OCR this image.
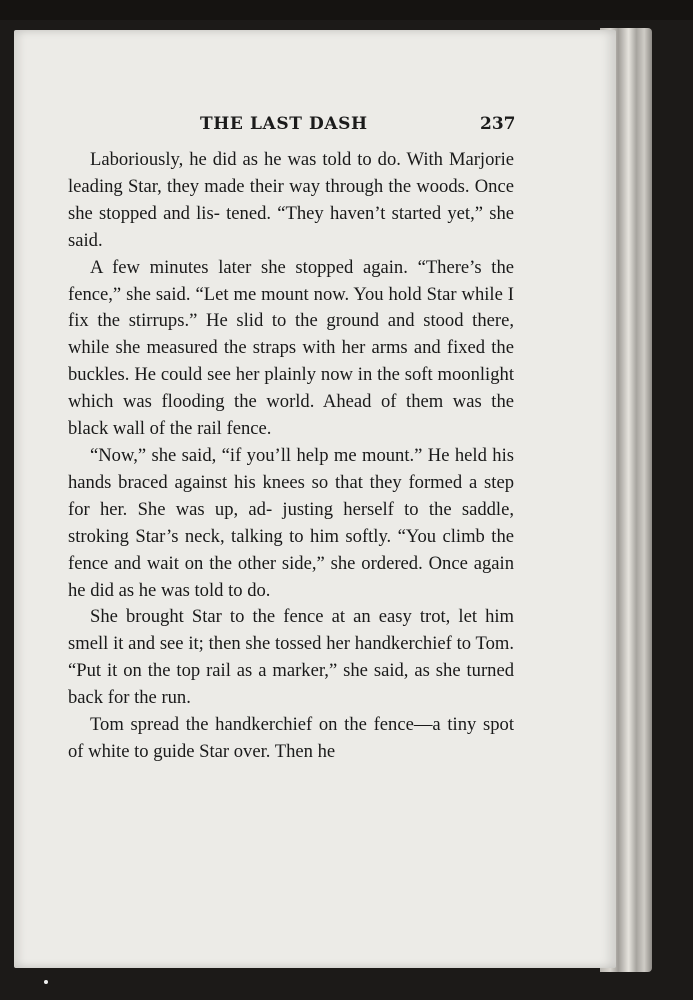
THE LAST DASH	237

Laboriously, he did as he was told to do. With Marjorie leading Star, they made their way through the woods. Once she stopped and lis- tened. “They haven’t started yet,” she said.

A few minutes later she stopped again. “There’s the fence,” she said. “Let me mount now. You hold Star while I fix the stirrups.” He slid to the ground and stood there, while she measured the straps with her arms and fixed the buckles. He could see her plainly now in the soft moonlight which was flooding the world. Ahead of them was the black wall of the rail fence.

“Now,” she said, “if you’ll help me mount.” He held his hands braced against his knees so that they formed a step for her. She was up, ad- justing herself to the saddle, stroking Star’s neck, talking to him softly. “You climb the fence and wait on the other side,” she ordered. Once again he did as he was told to do.

She brought Star to the fence at an easy trot, let him smell it and see it; then she tossed her handkerchief to Tom. “Put it on the top rail as a marker,” she said, as she turned back for the run.

Tom spread the handkerchief on the fence—a tiny spot of white to guide Star over. Then he
